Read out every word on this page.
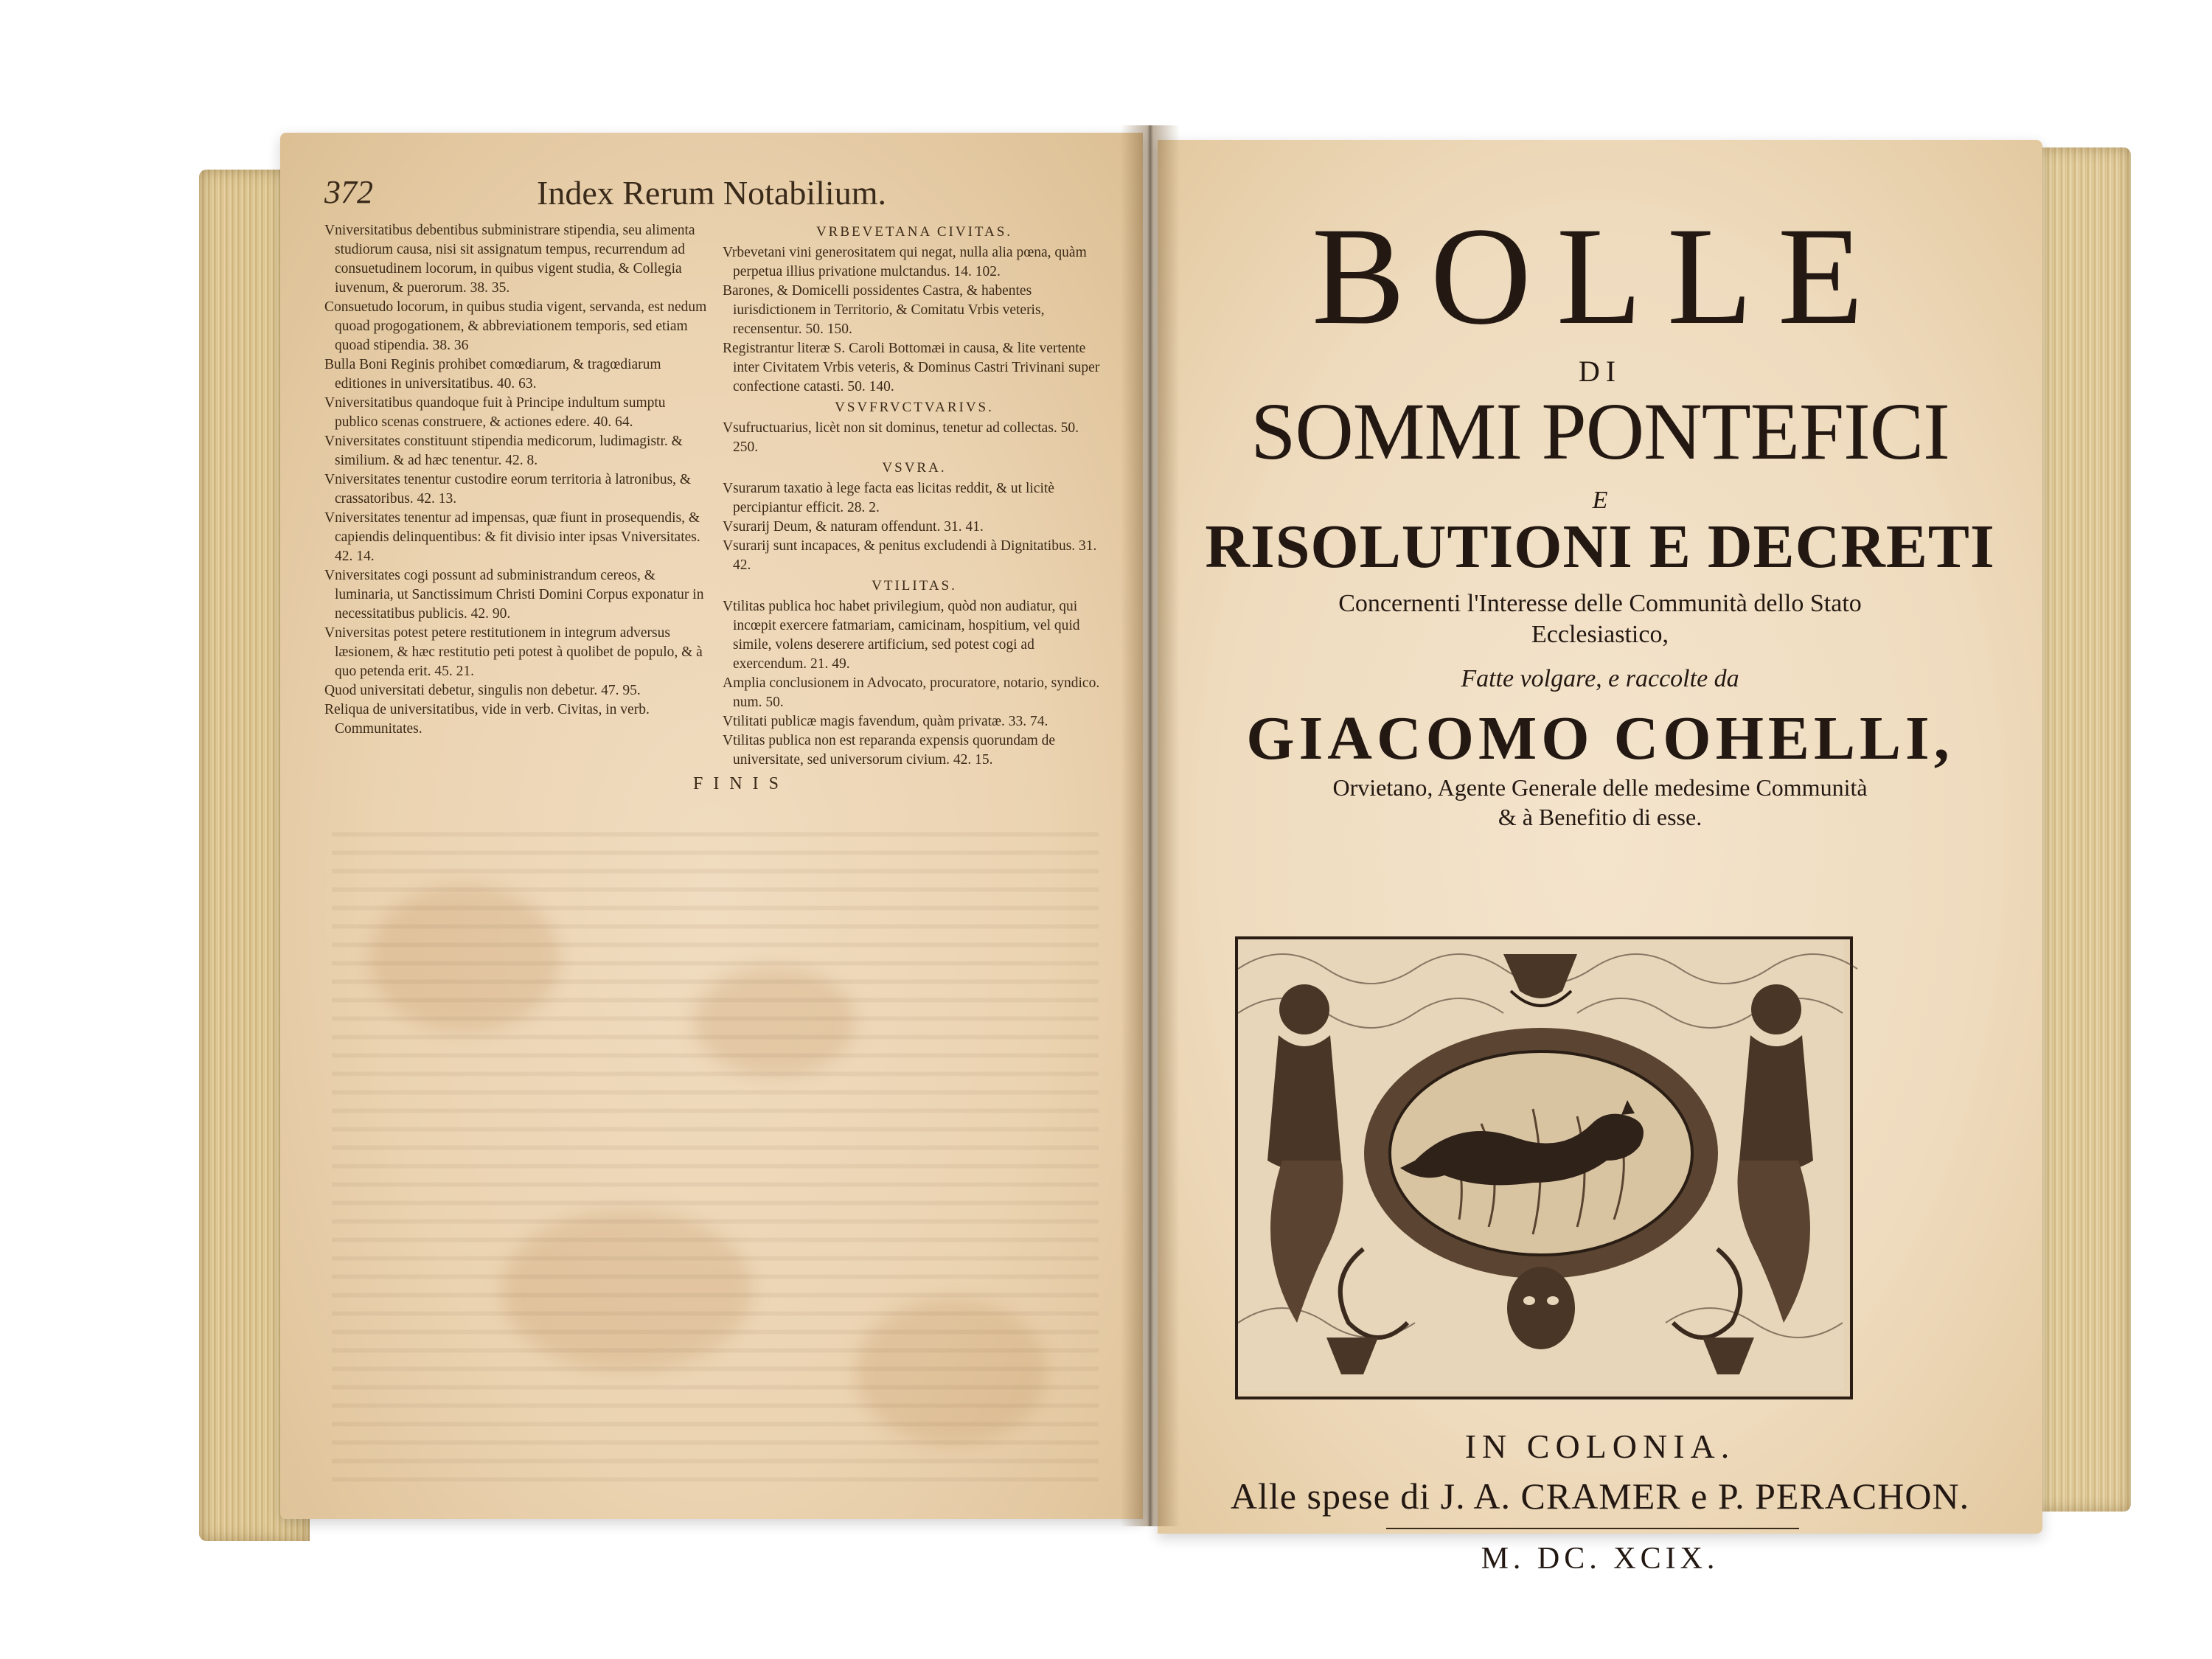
372	Index Rerum Notabilium.

Vniversitatibus debentibus subministrare stipendia, seu alimenta studiorum causa, nisi sit assignatum tempus, recurrendum ad consuetudinem locorum, in quibus vigent studia, & Collegia iuvenum, & puerorum. 38. 35.

Consuetudo locorum, in quibus studia vigent, servanda, est nedum quoad progogationem, & abbreviationem temporis, sed etiam quoad stipendia. 38. 36

Bulla Boni Reginis prohibet comœdiarum, & tragœdiarum editiones in universitatibus. 40. 63.

Vniversitatibus quandoque fuit à Principe indultum sumptu publico scenas construere, & actiones edere. 40. 64.

Vniversitates constituunt stipendia medicorum, ludimagistr. & similium. & ad hæc tenentur. 42. 8.

Vniversitates tenentur custodire eorum territoria à latronibus, & crassatoribus. 42. 13.

Vniversitates tenentur ad impensas, quæ fiunt in prosequendis, & capiendis delinquentibus: & fit divisio inter ipsas Vniversitates. 42. 14.

Vniversitates cogi possunt ad subministrandum cereos, & luminaria, ut Sanctissimum Christi Domini Corpus exponatur in necessitatibus publicis. 42. 90.

Vniversitas potest petere restitutionem in integrum adversus læsionem, & hæc restitutio peti potest à quolibet de populo, & à quo petenda erit. 45. 21.

Quod universitati debetur, singulis non debetur. 47. 95.

Reliqua de universitatibus, vide in verb. Civitas, in verb. Communitates.

VRBEVETANA CIVITAS.

Vrbevetani vini generositatem qui negat, nulla alia pœna, quàm perpetua illius privatione mulctandus. 14. 102.

Barones, & Domicelli possidentes Castra, & habentes iurisdictionem in Territorio, & Comitatu Vrbis veteris, recensentur. 50. 150.

Registrantur literæ S. Caroli Bottomæi in causa, & lite vertente inter Civitatem Vrbis veteris, & Dominus Castri Trivinani super confectione catasti. 50. 140.

VSVFRVCTVARIVS.

Vsufructuarius, licèt non sit dominus, tenetur ad collectas. 50. 250.

VSVRA.

Vsurarum taxatio à lege facta eas licitas reddit, & ut licitè percipiantur efficit. 28. 2.

Vsurarij Deum, & naturam offendunt. 31. 41.

Vsurarij sunt incapaces, & penitus excludendi à Dignitatibus. 31. 42.

VTILITAS.

Vtilitas publica hoc habet privilegium, quòd non audiatur, qui incœpit exercere fatmariam, camicinam, hospitium, vel quid simile, volens deserere artificium, sed potest cogi ad exercendum. 21. 49.

Amplia conclusionem in Advocato, procuratore, notario, syndico. num. 50.

Vtilitati publicæ magis favendum, quàm privatæ. 33. 74.

Vtilitas publica non est reparanda expensis quorundam de universitate, sed universorum civium. 42. 15.

FINIS
BOLLE
DI
SOMMI PONTEFICI
E
RISOLUTIONI E DECRETI
Concernenti l'Interesse delle Communità dello Stato
Ecclesiastico,
Fatte volgare, e raccolte da
GIACOMO COHELLI,
Orvietano, Agente Generale delle medesime Communità
& à Benefitio di esse.
IN COLONIA.
Alle spese di J. A. CRAMER e P. PERACHON.
M. DC. XCIX.
